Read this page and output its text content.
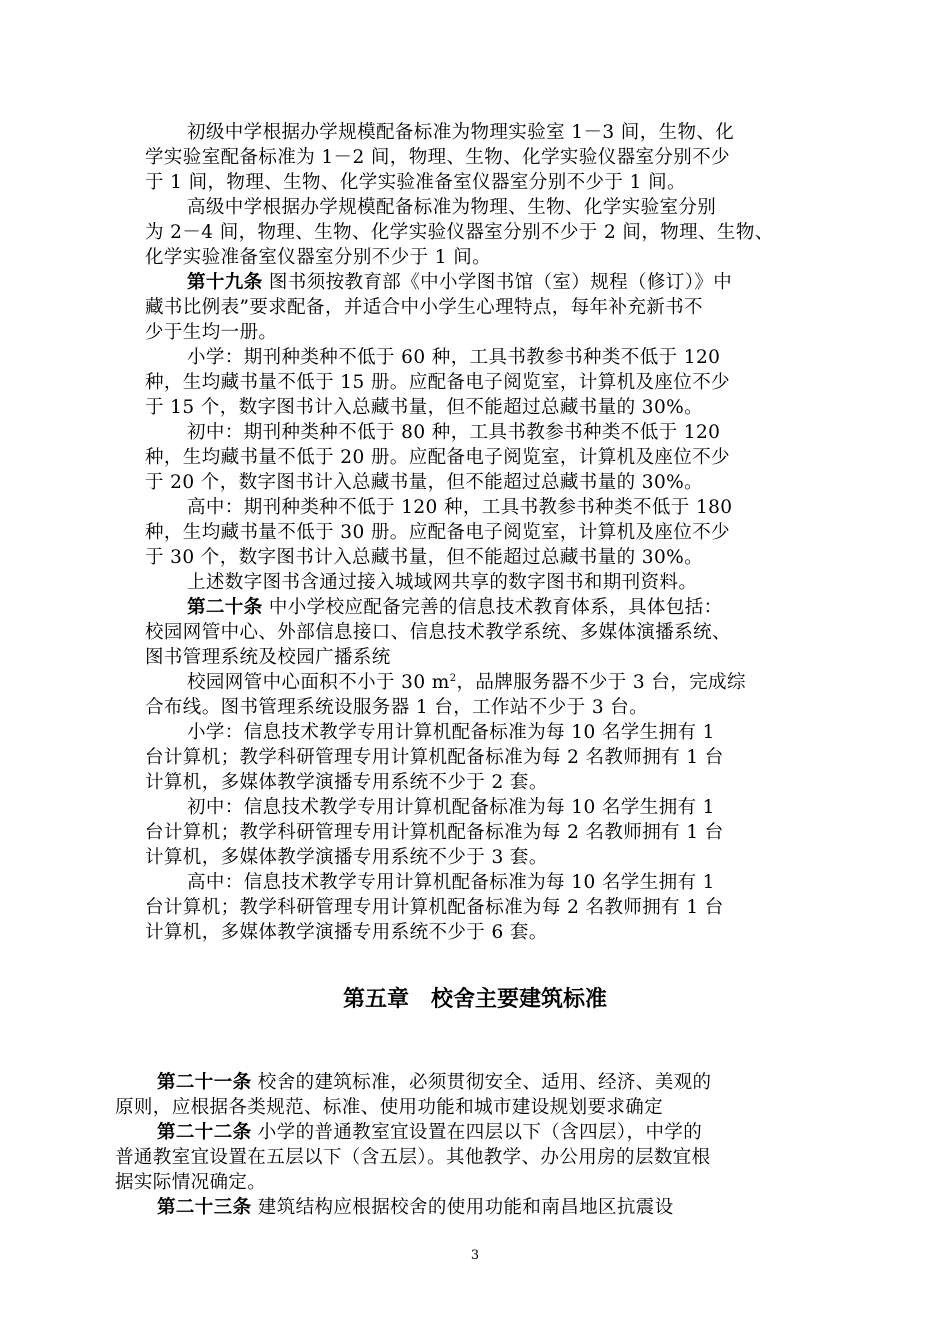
初级中学根据办学规模配备标准为物理实验室 1－3 间，生物、化
学实验室配备标准为 1－2 间，物理、生物、化学实验仪器室分别不少
于 1 间，物理、生物、化学实验准备室仪器室分别不少于 1 间。
高级中学根据办学规模配备标准为物理、生物、化学实验室分别
为 2－4 间，物理、生物、化学实验仪器室分别不少于 2 间，物理、生物、
化学实验准备室仪器室分别不少于 1 间。
第十九条 图书须按教育部《中小学图书馆（室）规程（修订）》中
藏书比例表”要求配备，并适合中小学生心理特点，每年补充新书不
少于生均一册。
小学：期刊种类种不低于 60 种，工具书教参书种类不低于 120
种，生均藏书量不低于 15 册。应配备电子阅览室，计算机及座位不少
于 15 个，数字图书计入总藏书量，但不能超过总藏书量的 30%。
初中：期刊种类种不低于 80 种，工具书教参书种类不低于 120
种，生均藏书量不低于 20 册。应配备电子阅览室，计算机及座位不少
于 20 个，数字图书计入总藏书量，但不能超过总藏书量的 30%。
高中：期刊种类种不低于 120 种，工具书教参书种类不低于 180
种，生均藏书量不低于 30 册。应配备电子阅览室，计算机及座位不少
于 30 个，数字图书计入总藏书量，但不能超过总藏书量的 30%。
上述数字图书含通过接入城域网共享的数字图书和期刊资料。
第二十条 中小学校应配备完善的信息技术教育体系，具体包括：
校园网管中心、外部信息接口、信息技术教学系统、多媒体演播系统、
图书管理系统及校园广播系统
校园网管中心面积不小于 30 $m^2$，品牌服务器不少于 3 台，完成综
合布线。图书管理系统设服务器 1 台，工作站不少于 3 台。
小学：信息技术教学专用计算机配备标准为每 10 名学生拥有 1
台计算机；教学科研管理专用计算机配备标准为每 2 名教师拥有 1 台
计算机，多媒体教学演播专用系统不少于 2 套。
初中：信息技术教学专用计算机配备标准为每 10 名学生拥有 1
台计算机；教学科研管理专用计算机配备标准为每 2 名教师拥有 1 台
计算机，多媒体教学演播专用系统不少于 3 套。
高中：信息技术教学专用计算机配备标准为每 10 名学生拥有 1
台计算机；教学科研管理专用计算机配备标准为每 2 名教师拥有 1 台
计算机，多媒体教学演播专用系统不少于 6 套。
第五章　校舍主要建筑标准
第二十一条 校舍的建筑标准，必须贯彻安全、适用、经济、美观的
原则，应根据各类规范、标准、使用功能和城市建设规划要求确定
第二十二条 小学的普通教室宜设置在四层以下（含四层），中学的
普通教室宜设置在五层以下（含五层）。其他教学、办公用房的层数宜根
据实际情况确定。
第二十三条 建筑结构应根据校舍的使用功能和南昌地区抗震设
3
